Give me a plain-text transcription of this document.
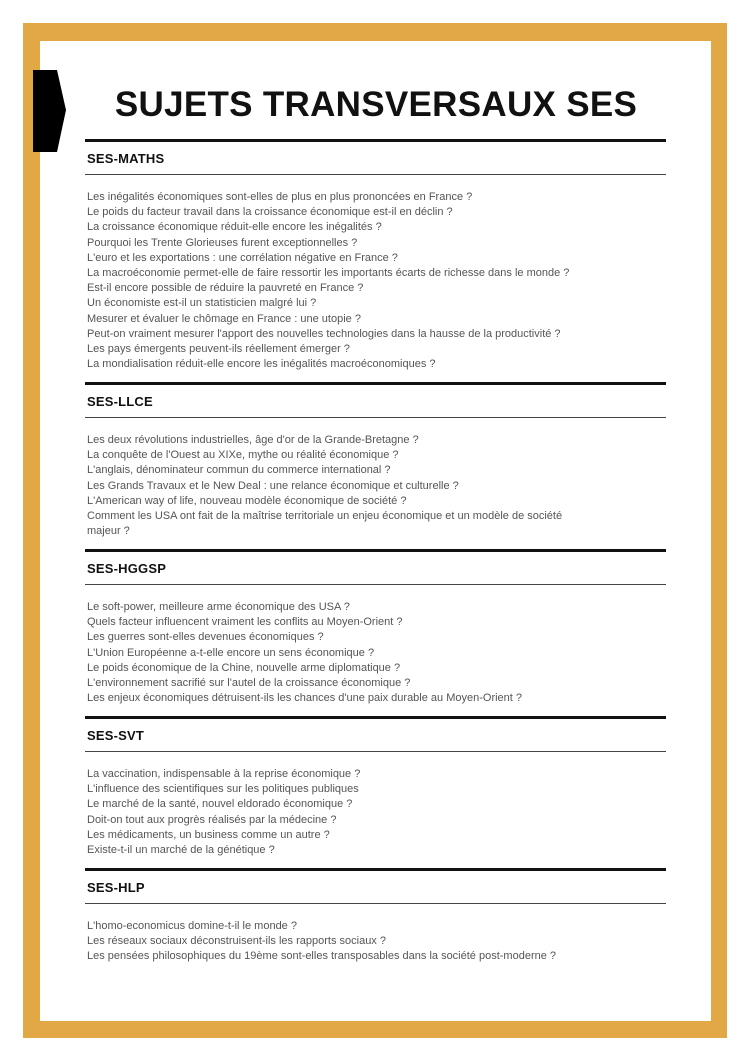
SUJETS TRANSVERSAUX SES
SES-MATHS
Les inégalités économiques sont-elles de plus en plus prononcées en France ?
Le poids du facteur travail dans la croissance économique est-il en déclin ?
La croissance économique réduit-elle encore les inégalités ?
Pourquoi les Trente Glorieuses furent exceptionnelles ?
L'euro et les exportations : une corrélation négative en France ?
La macroéconomie permet-elle de faire ressortir les importants écarts de richesse dans le monde ?
Est-il encore possible de réduire la pauvreté en France ?
Un économiste est-il un statisticien malgré lui ?
Mesurer et évaluer le chômage en France : une utopie ?
Peut-on vraiment mesurer l'apport des nouvelles technologies dans la hausse de la productivité ?
Les pays émergents peuvent-ils réellement émerger ?
La mondialisation réduit-elle encore les inégalités macroéconomiques ?
SES-LLCE
Les deux révolutions industrielles, âge d'or de la Grande-Bretagne ?
La conquête de l'Ouest au XIXe, mythe ou réalité économique ?
L'anglais, dénominateur commun du commerce international ?
Les Grands Travaux et le New Deal : une relance économique et culturelle ?
L'American way of life, nouveau modèle économique de société ?
Comment les USA ont fait de la maîtrise territoriale un enjeu économique et un modèle de société
majeur ?
SES-HGGSP
Le soft-power, meilleure arme économique des USA ?
Quels facteur influencent vraiment les conflits au Moyen-Orient ?
Les guerres sont-elles devenues économiques ?
L'Union Européenne a-t-elle encore un sens économique ?
Le poids économique de la Chine, nouvelle arme diplomatique ?
L'environnement sacrifié sur l'autel de la croissance économique ?
Les enjeux économiques détruisent-ils les chances d'une paix durable au Moyen-Orient ?
SES-SVT
La vaccination, indispensable à la reprise économique ?
L'influence des scientifiques sur les politiques publiques
Le marché de la santé, nouvel eldorado économique ?
Doit-on tout aux progrès réalisés par la médecine ?
Les médicaments, un business comme un autre ?
Existe-t-il un marché de la génétique ?
SES-HLP
L'homo-economicus domine-t-il le monde ?
Les réseaux sociaux déconstruisent-ils les rapports sociaux ?
Les pensées philosophiques du 19ème sont-elles transposables dans la société post-moderne ?
